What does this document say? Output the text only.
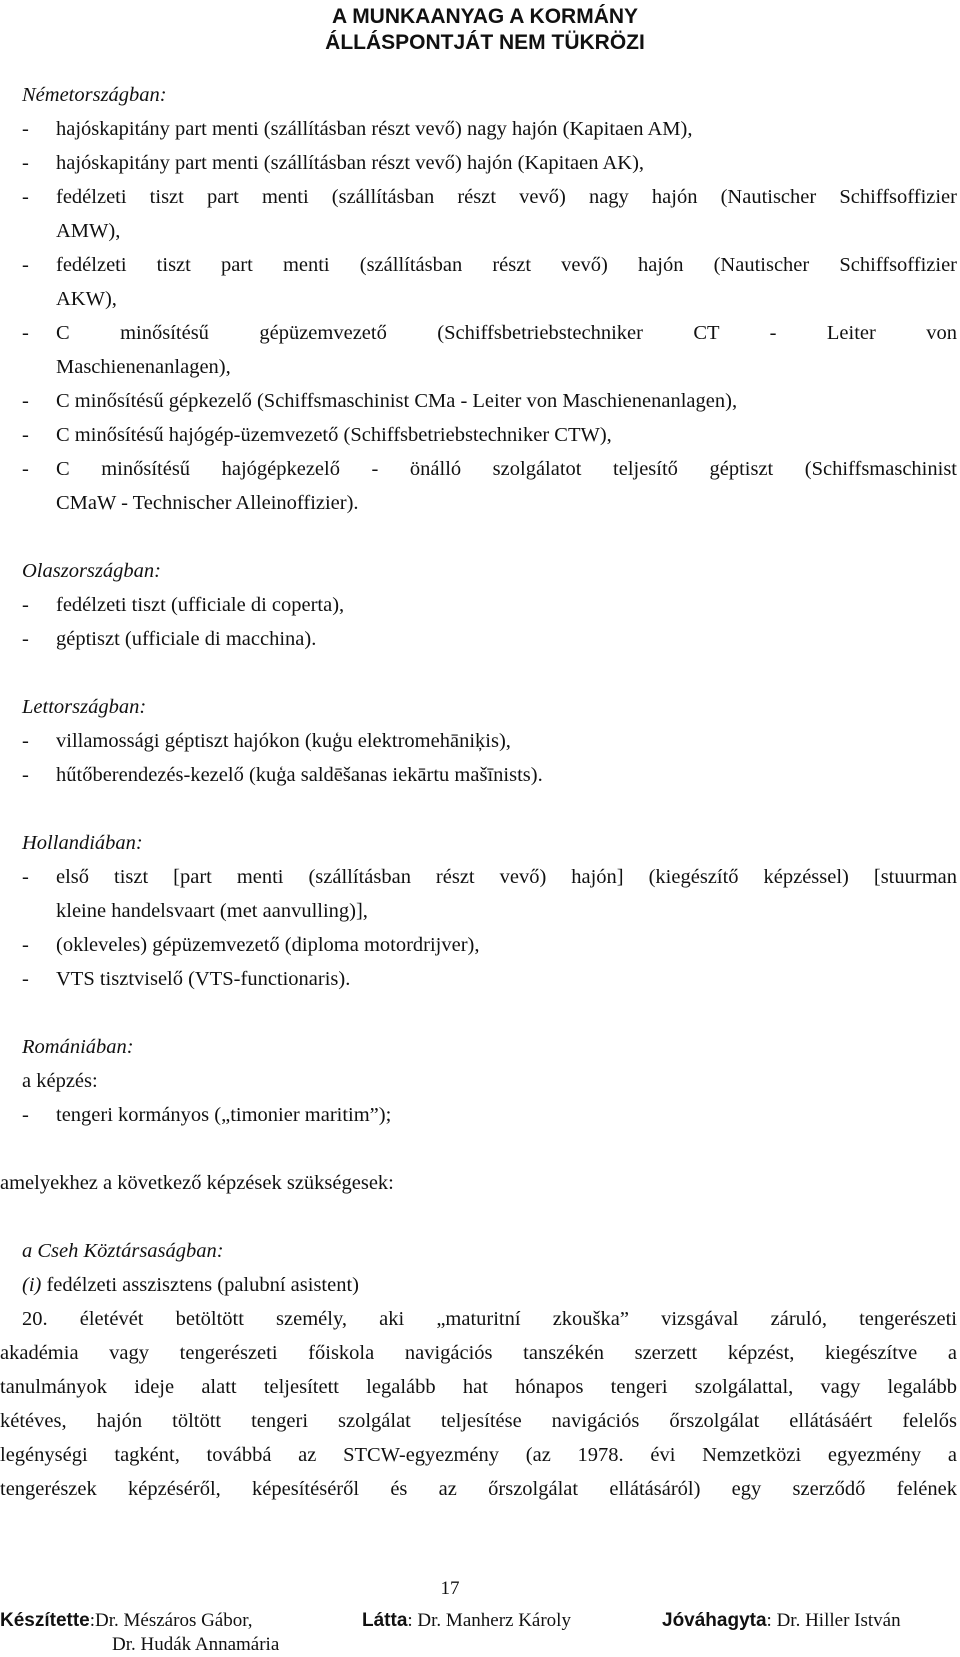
A MUNKAANYAG A KORMÁNY
ÁLLÁSPONTJÁT NEM TÜKRÖZI
Németországban:
- hajóskapitány part menti (szállításban részt vevő) nagy hajón (Kapitaen AM),
- hajóskapitány part menti (szállításban részt vevő) hajón (Kapitaen AK),
- fedélzeti tiszt part menti (szállításban részt vevő) nagy hajón (Nautischer Schiffsoffizier
AMW),
- fedélzeti tiszt part menti (szállításban részt vevő) hajón (Nautischer Schiffsoffizier
AKW),
- C minősítésű gépüzemvezető (Schiffsbetriebstechniker CT - Leiter von
Maschienenanlagen),
- C minősítésű gépkezelő (Schiffsmaschinist CMa - Leiter von Maschienenanlagen),
- C minősítésű hajógép-üzemvezető (Schiffsbetriebstechniker CTW),
- C minősítésű hajógépkezelő - önálló szolgálatot teljesítő géptiszt (Schiffsmaschinist
CMaW - Technischer Alleinoffizier).
Olaszországban:
- fedélzeti tiszt (ufficiale di coperta),
- géptiszt (ufficiale di macchina).
Lettországban:
- villamossági géptiszt hajókon (kuģu elektromehāniķis),
- hűtőberendezés-kezelő (kuģa saldēšanas iekārtu mašīnists).
Hollandiában:
- első tiszt [part menti (szállításban részt vevő) hajón] (kiegészítő képzéssel) [stuurman
kleine handelsvaart (met aanvulling)],
- (okleveles) gépüzemvezető (diploma motordrijver),
- VTS tisztviselő (VTS-functionaris).
Romániában:
a képzés:
- tengeri kormányos („timonier maritim”);
amelyekhez a következő képzések szükségesek:
a Cseh Köztársaságban:
(i) fedélzeti asszisztens (palubní asistent)
20. életévét betöltött személy, aki „maturitní zkouška” vizsgával záruló, tengerészeti
akadémia vagy tengerészeti főiskola navigációs tanszékén szerzett képzést, kiegészítve a
tanulmányok ideje alatt teljesített legalább hat hónapos tengeri szolgálattal, vagy legalább
kétéves, hajón töltött tengeri szolgálat teljesítése navigációs őrszolgálat ellátásáért felelős
legénységi tagként, továbbá az STCW-egyezmény (az 1978. évi Nemzetközi egyezmény a
tengerészek képzéséről, képesítéséről és az őrszolgálat ellátásáról) egy szerződő felének
17
Készítette:Dr. Mészáros Gábor,
Dr. Hudák Annamária
Látta: Dr. Manherz Károly	Jóváhagyta: Dr. Hiller István
